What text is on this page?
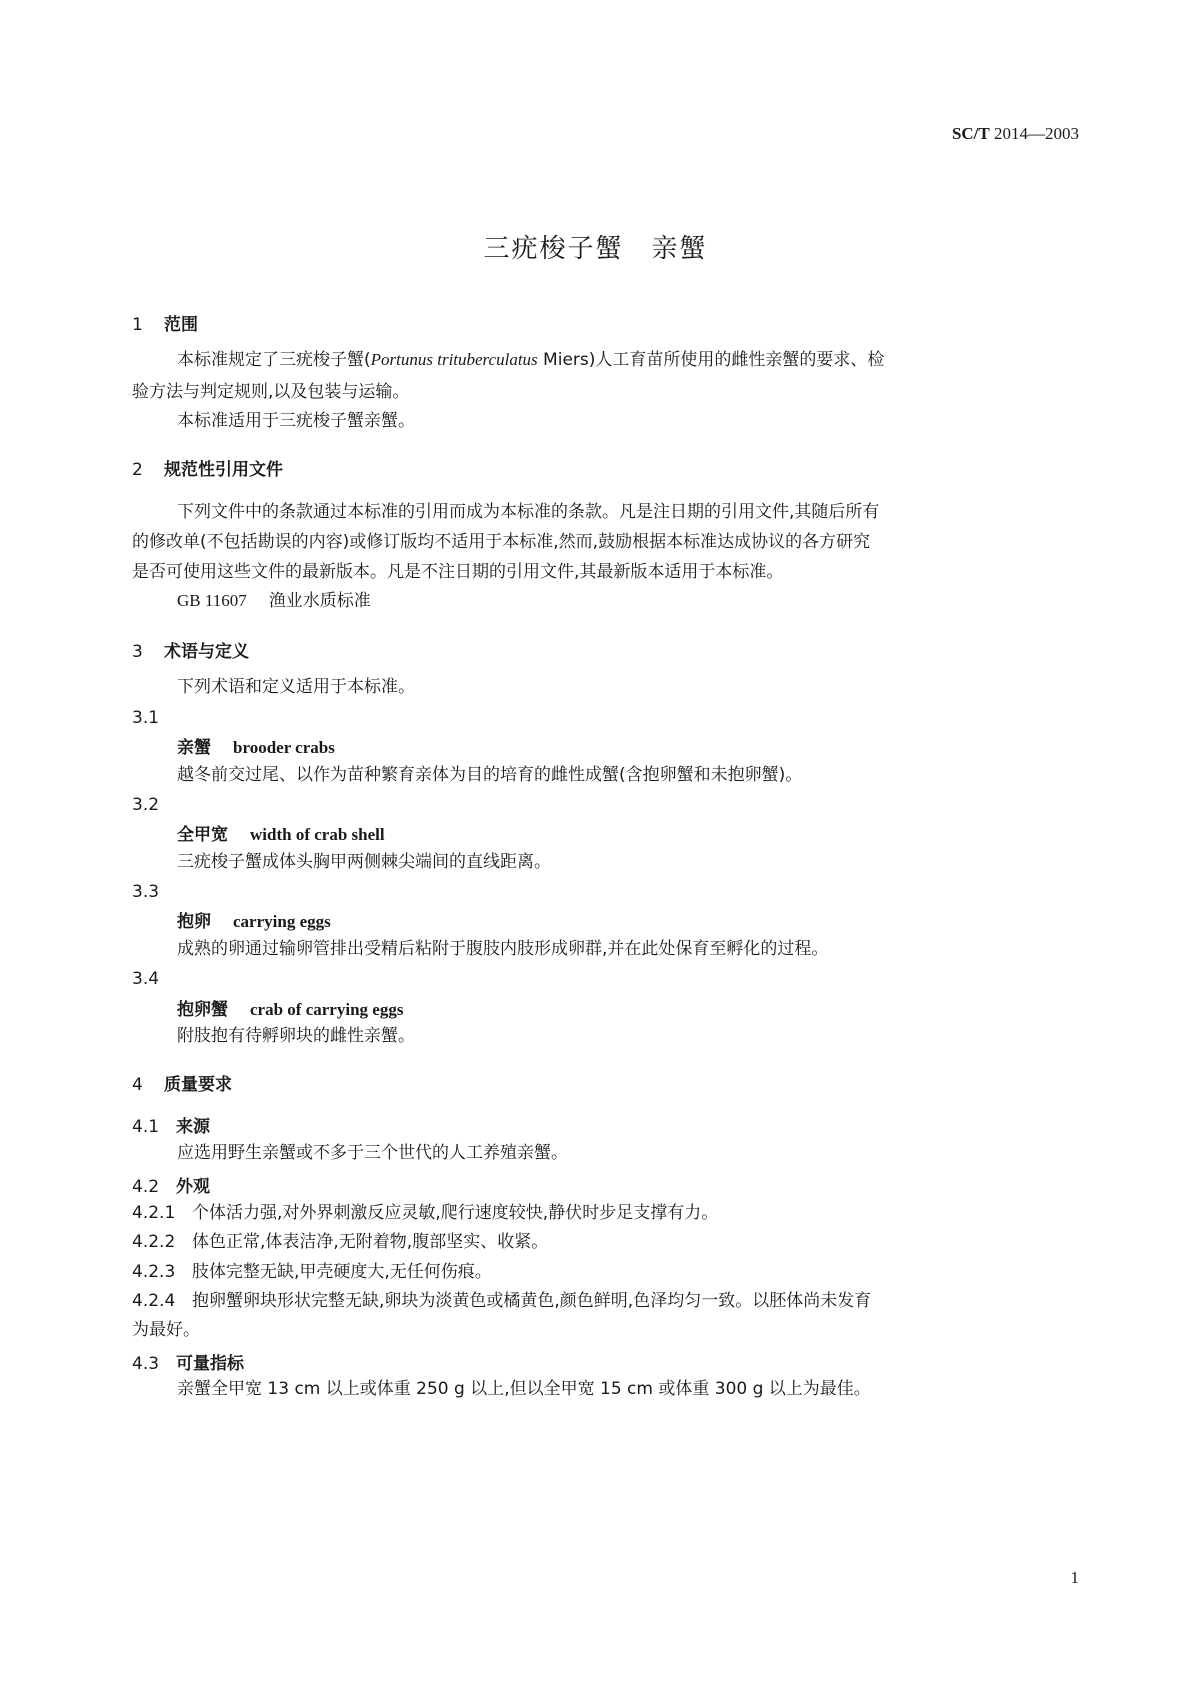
SC/T 2014—2003
三疣梭子蟹　亲蟹
1 范围
本标准规定了三疣梭子蟹(Portunus trituberculatus Miers)人工育苗所使用的雌性亲蟹的要求、检
验方法与判定规则,以及包装与运输。
本标准适用于三疣梭子蟹亲蟹。
2 规范性引用文件
下列文件中的条款通过本标准的引用而成为本标准的条款。凡是注日期的引用文件,其随后所有
的修改单(不包括勘误的内容)或修订版均不适用于本标准,然而,鼓励根据本标准达成协议的各方研究
是否可使用这些文件的最新版本。凡是不注日期的引用文件,其最新版本适用于本标准。
GB 11607 渔业水质标准
3 术语与定义
下列术语和定义适用于本标准。
3.1
亲蟹 brooder crabs
越冬前交过尾、以作为苗种繁育亲体为目的培育的雌性成蟹(含抱卵蟹和未抱卵蟹)。
3.2
全甲宽 width of crab shell
三疣梭子蟹成体头胸甲两侧棘尖端间的直线距离。
3.3
抱卵 carrying eggs
成熟的卵通过输卵管排出受精后粘附于腹肢内肢形成卵群,并在此处保育至孵化的过程。
3.4
抱卵蟹 crab of carrying eggs
附肢抱有待孵卵块的雌性亲蟹。
4 质量要求
4.1 来源
应选用野生亲蟹或不多于三个世代的人工养殖亲蟹。
4.2 外观
4.2.1 个体活力强,对外界刺激反应灵敏,爬行速度较快,静伏时步足支撑有力。
4.2.2 体色正常,体表洁净,无附着物,腹部坚实、收紧。
4.2.3 肢体完整无缺,甲壳硬度大,无任何伤痕。
4.2.4 抱卵蟹卵块形状完整无缺,卵块为淡黄色或橘黄色,颜色鲜明,色泽均匀一致。以胚体尚未发育
为最好。
4.3 可量指标
亲蟹全甲宽 13 cm 以上或体重 250 g 以上,但以全甲宽 15 cm 或体重 300 g 以上为最佳。
1
